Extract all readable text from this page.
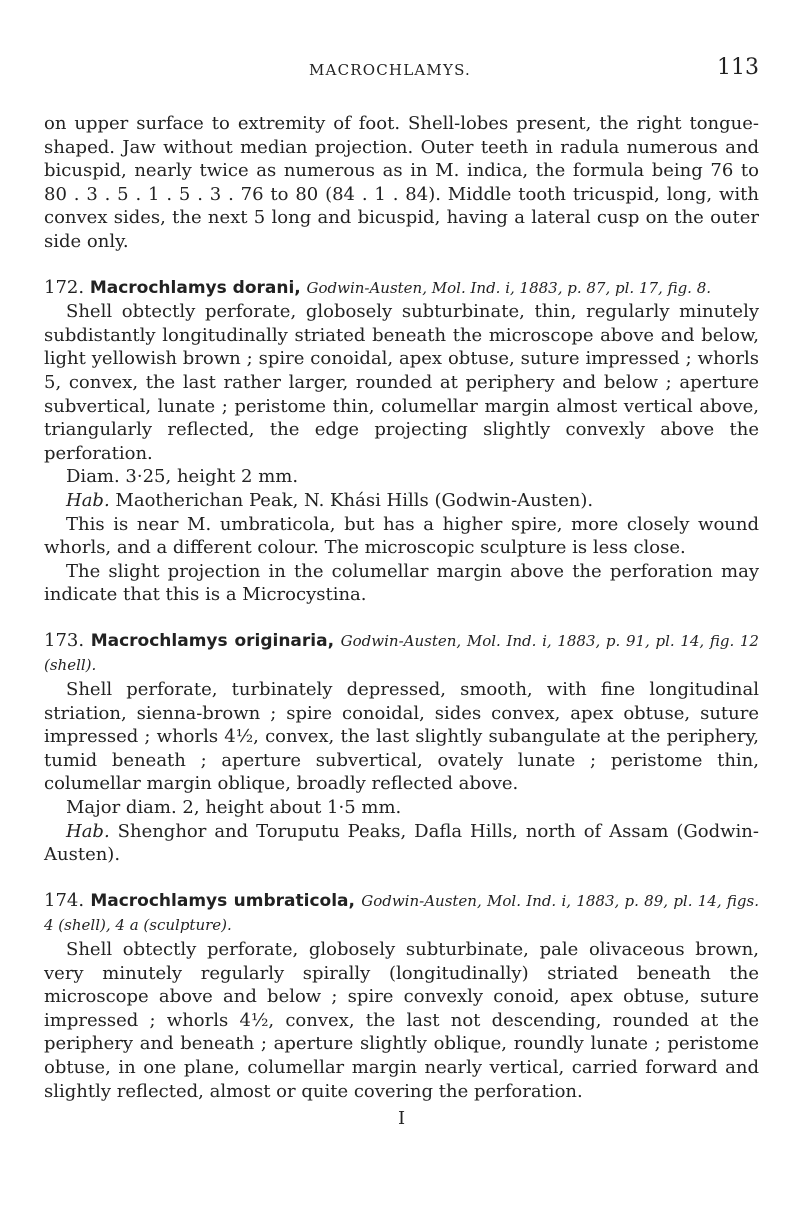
MACROCHLAMYS.	113

on upper surface to extremity of foot. Shell-lobes present, the right tongue-shaped. Jaw without median projection. Outer teeth in radula numerous and bicuspid, nearly twice as numerous as in M. indica, the formula being 76 to 80 . 3 . 5 . 1 . 5 . 3 . 76 to 80 (84 . 1 . 84). Middle tooth tricuspid, long, with convex sides, the next 5 long and bicuspid, having a lateral cusp on the outer side only.

172. Macrochlamys dorani, Godwin-Austen, Mol. Ind. i, 1883, p. 87, pl. 17, fig. 8.

Shell obtectly perforate, globosely subturbinate, thin, regularly minutely subdistantly longitudinally striated beneath the microscope above and below, light yellowish brown ; spire conoidal, apex obtuse, suture impressed ; whorls 5, convex, the last rather larger, rounded at periphery and below ; aperture subvertical, lunate ; peristome thin, columellar margin almost vertical above, triangularly reflected, the edge projecting slightly convexly above the perforation.

Diam. 3·25, height 2 mm.

Hab. Maotherichan Peak, N. Khási Hills (Godwin-Austen).

This is near M. umbraticola, but has a higher spire, more closely wound whorls, and a different colour. The microscopic sculpture is less close.

The slight projection in the columellar margin above the perforation may indicate that this is a Microcystina.

173. Macrochlamys originaria, Godwin-Austen, Mol. Ind. i, 1883, p. 91, pl. 14, fig. 12 (shell).

Shell perforate, turbinately depressed, smooth, with fine longitudinal striation, sienna-brown ; spire conoidal, sides convex, apex obtuse, suture impressed ; whorls 4½, convex, the last slightly subangulate at the periphery, tumid beneath ; aperture subvertical, ovately lunate ; peristome thin, columellar margin oblique, broadly reflected above.

Major diam. 2, height about 1·5 mm.

Hab. Shenghor and Toruputu Peaks, Dafla Hills, north of Assam (Godwin-Austen).

174. Macrochlamys umbraticola, Godwin-Austen, Mol. Ind. i, 1883, p. 89, pl. 14, figs. 4 (shell), 4 a (sculpture).

Shell obtectly perforate, globosely subturbinate, pale olivaceous brown, very minutely regularly spirally (longitudinally) striated beneath the microscope above and below ; spire convexly conoid, apex obtuse, suture impressed ; whorls 4½, convex, the last not descending, rounded at the periphery and beneath ; aperture slightly oblique, roundly lunate ; peristome obtuse, in one plane, columellar margin nearly vertical, carried forward and slightly reflected, almost or quite covering the perforation.

I
